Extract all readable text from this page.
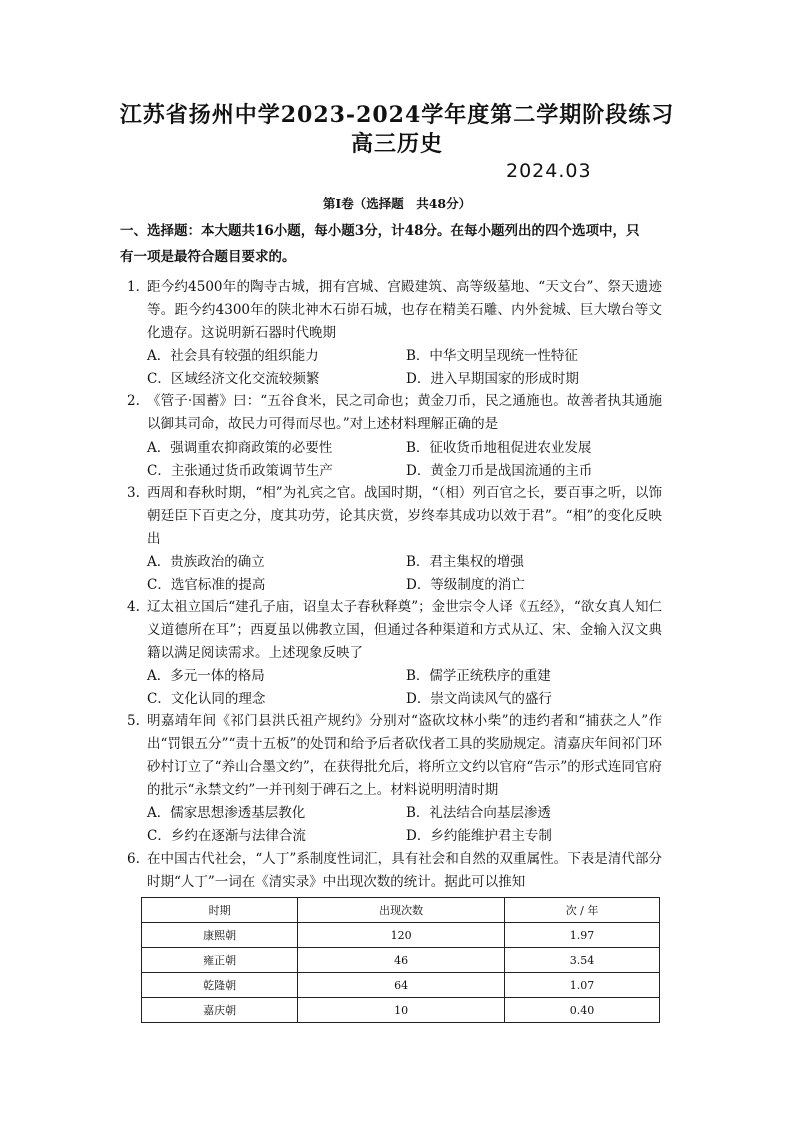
江苏省扬州中学2023-2024学年度第二学期阶段练习
高三历史
2024.03
第Ⅰ卷（选择题　共48分）
一、选择题：本大题共16小题，每小题3分，计48分。在每小题列出的四个选项中，只
有一项是最符合题目要求的。
1．
距今约4500年的陶寺古城，拥有宫城、宫殿建筑、高等级墓地、“天文台”、祭天遗迹等。距今约4300年的陕北神木石峁石城，也存在精美石雕、内外瓮城、巨大墩台等文化遗存。这说明新石器时代晚期
A．社会具有较强的组织能力	B．中华文明呈现统一性特征
C．区域经济文化交流较频繁	D．进入早期国家的形成时期
2. 《管子·国蓄》曰：“五谷食米，民之司命也；黄金刀币，民之通施也。故善者执其通施以御其司命，故民力可得而尽也。”对上述材料理解正确的是
A．强调重农抑商政策的必要性	B．征收货币地租促进农业发展
C．主张通过货币政策调节生产	D．黄金刀币是战国流通的主币
3. 西周和春秋时期，“相”为礼宾之官。战国时期，“（相）列百官之长，要百事之听，以饰朝廷臣下百吏之分，度其功劳，论其庆赏，岁终奉其成功以效于君”。“相”的变化反映出
A．贵族政治的确立	B．君主集权的增强
C．选官标准的提高	D．等级制度的消亡
4. 辽太祖立国后“建孔子庙，诏皇太子春秋释奠”；金世宗令人译《五经》，“欲女真人知仁义道德所在耳”；西夏虽以佛教立国，但通过各种渠道和方式从辽、宋、金输入汉文典籍以满足阅读需求。上述现象反映了
A．多元一体的格局	B．儒学正统秩序的重建
C．文化认同的理念	D．崇文尚读风气的盛行
5. 明嘉靖年间《祁门县洪氏祖产规约》分别对“盗砍坟林小柴”的违约者和“捕获之人”作出“罚银五分”“责十五板”的处罚和给予后者砍伐者工具的奖励规定。清嘉庆年间祁门环砂村订立了“养山合墨文约”，在获得批允后，将所立文约以官府“告示”的形式连同官府的批示“永禁文约”一并刊刻于碑石之上。材料说明明清时期
A．儒家思想渗透基层教化	B．礼法结合向基层渗透
C．乡约在逐渐与法律合流	D．乡约能维护君主专制
6. 在中国古代社会，“人丁”系制度性词汇，具有社会和自然的双重属性。下表是清代部分时期“人丁”一词在《清实录》中出现次数的统计。据此可以推知
时期	出现次数	次 / 年
康熙朝	120	1.97
雍正朝	46	3.54
乾隆朝	64	1.07
嘉庆朝	10	0.40
